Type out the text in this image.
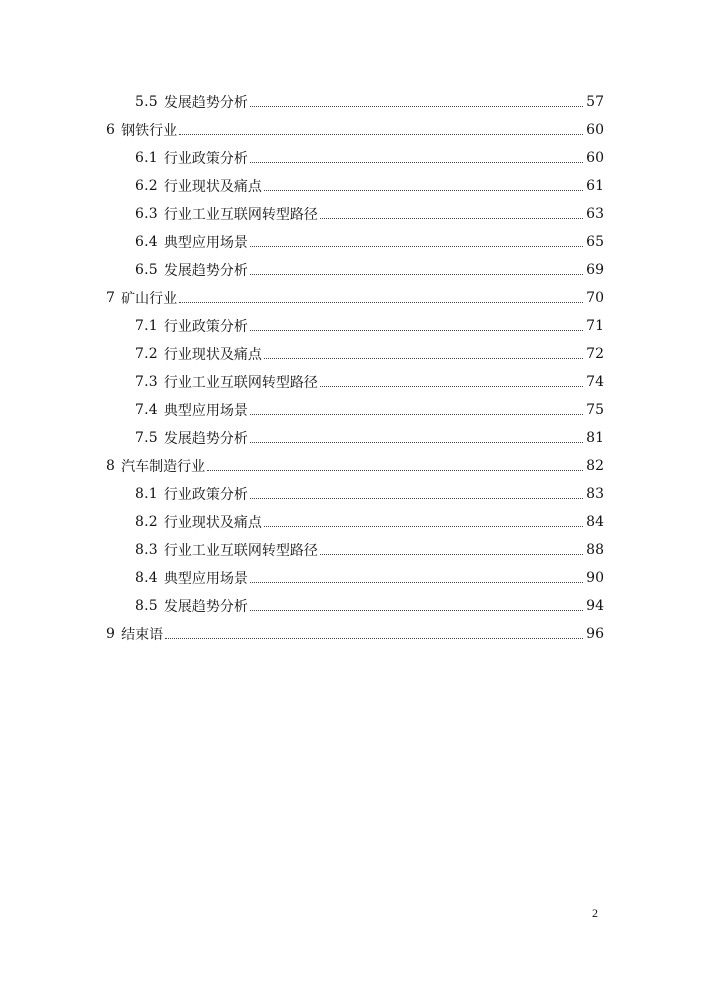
5.5 发展趋势分析	57
6 钢铁行业	60
6.1 行业政策分析	60
6.2 行业现状及痛点	61
6.3 行业工业互联网转型路径	63
6.4 典型应用场景	65
6.5 发展趋势分析	69
7 矿山行业	70
7.1 行业政策分析	71
7.2 行业现状及痛点	72
7.3 行业工业互联网转型路径	74
7.4 典型应用场景	75
7.5 发展趋势分析	81
8 汽车制造行业	82
8.1 行业政策分析	83
8.2 行业现状及痛点	84
8.3 行业工业互联网转型路径	88
8.4 典型应用场景	90
8.5 发展趋势分析	94
9 结束语	96
2
